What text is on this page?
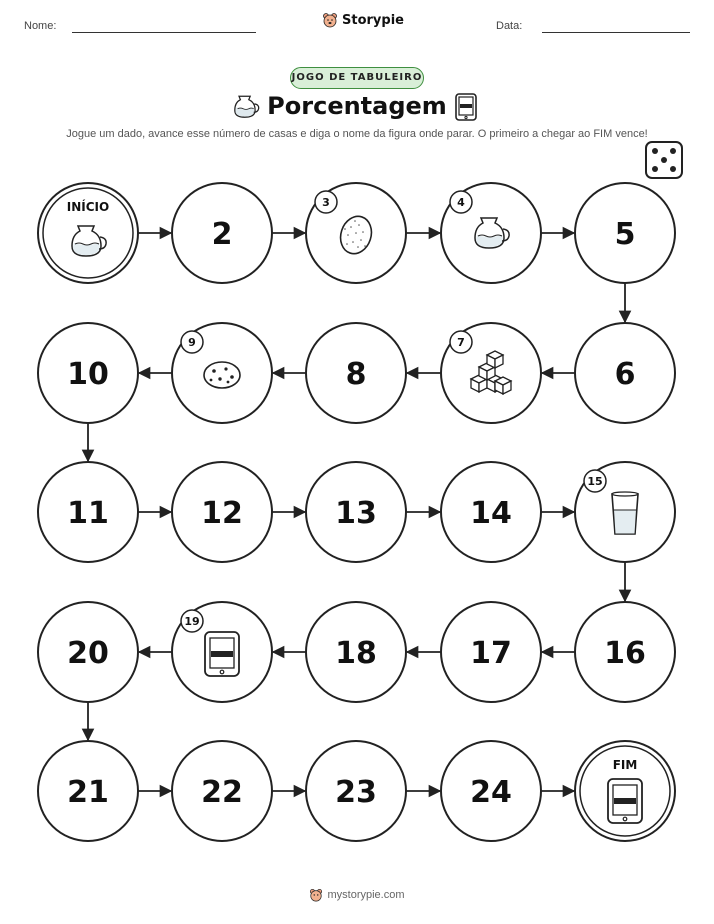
Nome:	Storypie	Data:
JOGO DE TABULEIRO
Porcentagem
Jogue um dado, avance esse número de casas e diga o nome da figura onde parar. O primeiro a chegar ao FIM vence!
INÍCIO
2
3	4
5
6
7
8
9
10
11	12	13	14
15
16
17
18
19
20
21	22	23	24
FIM
mystorypie.com
